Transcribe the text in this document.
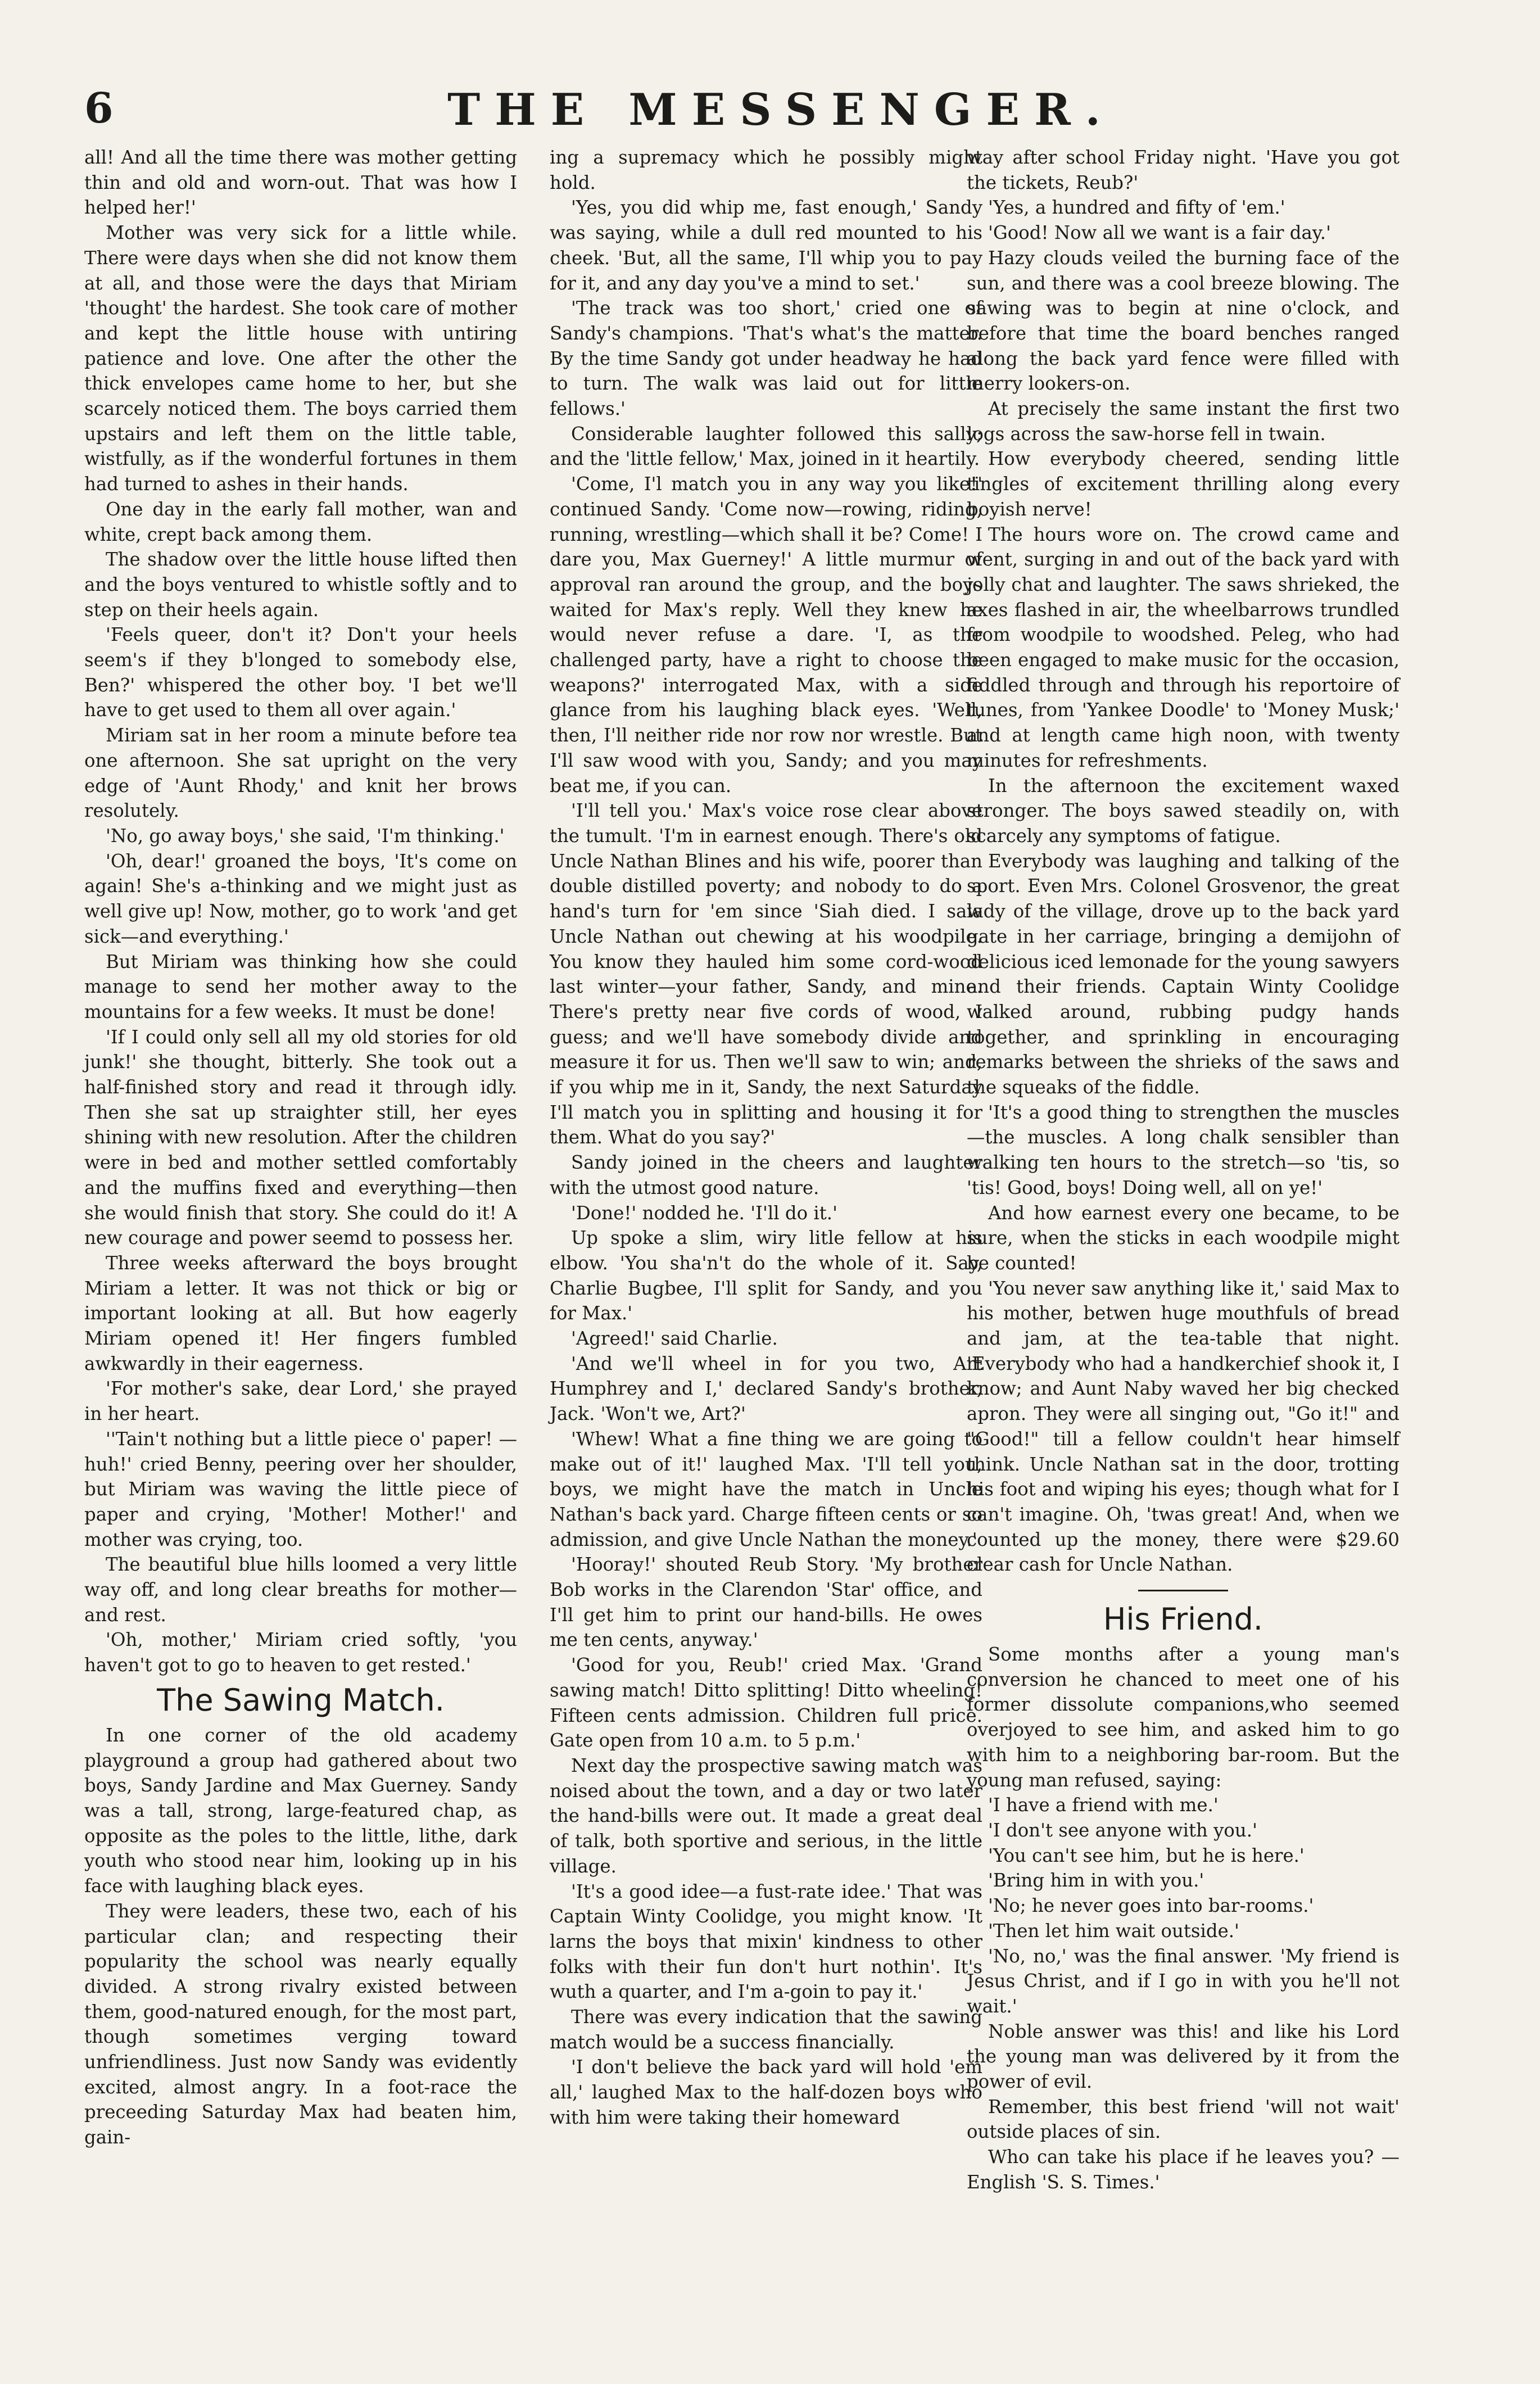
6	THE MESSENGER.

all! And all the time there was mother getting thin and old and worn-out. That was how I helped her!'

Mother was very sick for a little while. There were days when she did not know them at all, and those were the days that Miriam 'thought' the hardest. She took care of mother and kept the little house with untiring patience and love. One after the other the thick envelopes came home to her, but she scarcely noticed them. The boys carried them upstairs and left them on the little table, wistfully, as if the wonderful fortunes in them had turned to ashes in their hands.

One day in the early fall mother, wan and white, crept back among them.

The shadow over the little house lifted then and the boys ventured to whistle softly and to step on their heels again.

'Feels queer, don't it? Don't your heels seem's if they b'longed to somebody else, Ben?' whispered the other boy. 'I bet we'll have to get used to them all over again.'

Miriam sat in her room a minute before tea one afternoon. She sat upright on the very edge of 'Aunt Rhody,' and knit her brows resolutely.

'No, go away boys,' she said, 'I'm thinking.'

'Oh, dear!' groaned the boys, 'It's come on again! She's a-thinking and we might just as well give up! Now, mother, go to work 'and get sick—and everything.'

But Miriam was thinking how she could manage to send her mother away to the mountains for a few weeks. It must be done!

'If I could only sell all my old stories for old junk!' she thought, bitterly. She took out a half-finished story and read it through idly. Then she sat up straighter still, her eyes shining with new resolution. After the children were in bed and mother settled comfortably and the muffins fixed and everything—then she would finish that story. She could do it! A new courage and power seemd to possess her.

Three weeks afterward the boys brought Miriam a letter. It was not thick or big or important looking at all. But how eagerly Miriam opened it! Her fingers fumbled awkwardly in their eagerness.

'For mother's sake, dear Lord,' she prayed in her heart.

''Tain't nothing but a little piece o' paper! —huh!' cried Benny, peering over her shoulder, but Miriam was waving the little piece of paper and crying, 'Mother! Mother!' and mother was crying, too.

The beautiful blue hills loomed a very little way off, and long clear breaths for mother—and rest.

'Oh, mother,' Miriam cried softly, 'you haven't got to go to heaven to get rested.'

The Sawing Match.

In one corner of the old academy playground a group had gathered about two boys, Sandy Jardine and Max Guerney. Sandy was a tall, strong, large-featured chap, as opposite as the poles to the little, lithe, dark youth who stood near him, looking up in his face with laughing black eyes.

They were leaders, these two, each of his particular clan; and respecting their popularity the school was nearly equally divided. A strong rivalry existed between them, good-natured enough, for the most part, though sometimes verging toward unfriendliness. Just now Sandy was evidently excited, almost angry. In a foot-race the preceeding Saturday Max had beaten him, gain-

ing a supremacy which he possibly might hold.

'Yes, you did whip me, fast enough,' Sandy was saying, while a dull red mounted to his cheek. 'But, all the same, I'll whip you to pay for it, and any day you've a mind to set.'

'The track was too short,' cried one of Sandy's champions. 'That's what's the matter. By the time Sandy got under headway he had to turn. The walk was laid out for little fellows.'

Considerable laughter followed this sally; and the 'little fellow,' Max, joined in it heartily.

'Come, I'l match you in any way you like!' continued Sandy. 'Come now—rowing, riding, running, wrestling—which shall it be? Come! I dare you, Max Guerney!' A little murmur of approval ran around the group, and the boys waited for Max's reply. Well they knew he would never refuse a dare. 'I, as the challenged party, have a right to choose the weapons?' interrogated Max, with a side glance from his laughing black eyes. 'Well, then, I'll neither ride nor row nor wrestle. But I'll saw wood with you, Sandy; and you may beat me, if you can.

'I'll tell you.' Max's voice rose clear above the tumult. 'I'm in earnest enough. There's old Uncle Nathan Blines and his wife, poorer than double distilled poverty; and nobody to do a hand's turn for 'em since 'Siah died. I saw Uncle Nathan out chewing at his woodpile. You know they hauled him some cord-wood last winter—your father, Sandy, and mine. There's pretty near five cords of wood, I guess; and we'll have somebody divide and measure it for us. Then we'll saw to win; and, if you whip me in it, Sandy, the next Saturday I'll match you in splitting and housing it for them. What do you say?'

Sandy joined in the cheers and laughter with the utmost good nature.

'Done!' nodded he. 'I'll do it.'

Up spoke a slim, wiry litle fellow at his elbow. 'You sha'n't do the whole of it. Say, Charlie Bugbee, I'll split for Sandy, and you for Max.'

'Agreed!' said Charlie.

'And we'll wheel in for you two, Art Humphrey and I,' declared Sandy's brother, Jack. 'Won't we, Art?'

'Whew! What a fine thing we are going to make out of it!' laughed Max. 'I'll tell you, boys, we might have the match in Uncle Nathan's back yard. Charge fifteen cents or so admission, and give Uncle Nathan the money.'

'Hooray!' shouted Reub Story. 'My brother Bob works in the Clarendon 'Star' office, and I'll get him to print our hand-bills. He owes me ten cents, anyway.'

'Good for you, Reub!' cried Max. 'Grand sawing match! Ditto splitting! Ditto wheeling! Fifteen cents admission. Children full price. Gate open from 10 a.m. to 5 p.m.'

Next day the prospective sawing match was noised about the town, and a day or two later the hand-bills were out. It made a great deal of talk, both sportive and serious, in the little village.

'It's a good idee—a fust-rate idee.' That was Captain Winty Coolidge, you might know. 'It larns the boys that mixin' kindness to other folks with their fun don't hurt nothin'. It's wuth a quarter, and I'm a-goin to pay it.'

There was every indication that the sawing match would be a success financially.

'I don't believe the back yard will hold 'em all,' laughed Max to the half-dozen boys who with him were taking their homeward

way after school Friday night. 'Have you got the tickets, Reub?'

'Yes, a hundred and fifty of 'em.'

'Good! Now all we want is a fair day.'

Hazy clouds veiled the burning face of the sun, and there was a cool breeze blowing. The sawing was to begin at nine o'clock, and before that time the board benches ranged along the back yard fence were filled with merry lookers-on.

At precisely the same instant the first two logs across the saw-horse fell in twain.

How everybody cheered, sending little tingles of excitement thrilling along every boyish nerve!

The hours wore on. The crowd came and went, surging in and out of the back yard with jolly chat and laughter. The saws shrieked, the axes flashed in air, the wheelbarrows trundled from woodpile to woodshed. Peleg, who had been engaged to make music for the occasion, fiddled through and through his reportoire of tunes, from 'Yankee Doodle' to 'Money Musk;' and at length came high noon, with twenty minutes for refreshments.

In the afternoon the excitement waxed stronger. The boys sawed steadily on, with scarcely any symptoms of fatigue.

Everybody was laughing and talking of the sport. Even Mrs. Colonel Grosvenor, the great lady of the village, drove up to the back yard gate in her carriage, bringing a demijohn of delicious iced lemonade for the young sawyers and their friends. Captain Winty Coolidge walked around, rubbing pudgy hands together, and sprinkling in encouraging remarks between the shrieks of the saws and the squeaks of the fiddle.

'It's a good thing to strengthen the muscles—the muscles. A long chalk sensibler than walking ten hours to the stretch—so 'tis, so 'tis! Good, boys! Doing well, all on ye!'

And how earnest every one became, to be sure, when the sticks in each woodpile might be counted!

'You never saw anything like it,' said Max to his mother, betwen huge mouthfuls of bread and jam, at the tea-table that night. 'Everybody who had a handkerchief shook it, I know; and Aunt Naby waved her big checked apron. They were all singing out, "Go it!" and "Good!" till a fellow couldn't hear himself think. Uncle Nathan sat in the door, trotting his foot and wiping his eyes; though what for I can't imagine. Oh, 'twas great! And, when we counted up the money, there were $29.60 clear cash for Uncle Nathan.

His Friend.

Some months after a young man's conversion he chanced to meet one of his former dissolute companions,who seemed overjoyed to see him, and asked him to go with him to a neighboring bar-room. But the young man refused, saying:

'I have a friend with me.'

'I don't see anyone with you.'

'You can't see him, but he is here.'

'Bring him in with you.'

'No; he never goes into bar-rooms.'

'Then let him wait outside.'

'No, no,' was the final answer. 'My friend is Jesus Christ, and if I go in with you he'll not wait.'

Noble answer was this! and like his Lord the young man was delivered by it from the power of evil.

Remember, this best friend 'will not wait' outside places of sin.

Who can take his place if he leaves you? —English 'S. S. Times.'
